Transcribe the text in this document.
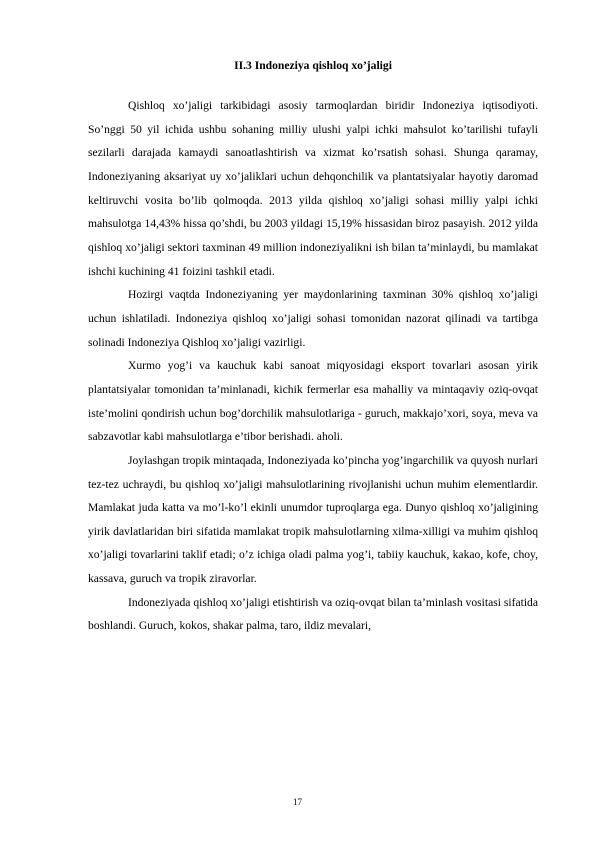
II.3 Indoneziya qishloq xo’jaligi

Qishloq xo’jaligi tarkibidagi asosiy tarmoqlardan biridir Indoneziya iqtisodiyoti. So’nggi 50 yil ichida ushbu sohaning milliy ulushi yalpi ichki mahsulot ko’tarilishi tufayli sezilarli darajada kamaydi sanoatlashtirish va xizmat ko’rsatish sohasi. Shunga qaramay, Indoneziyaning aksariyat uy xo’jaliklari uchun dehqonchilik va plantatsiyalar hayotiy daromad keltiruvchi vosita bo’lib qolmoqda. 2013 yilda qishloq xo’jaligi sohasi milliy yalpi ichki mahsulotga 14,43% hissa qo’shdi, bu 2003 yildagi 15,19% hissasidan biroz pasayish. 2012 yilda qishloq xo’jaligi sektori taxminan 49 million indoneziyalikni ish bilan ta’minlaydi, bu mamlakat ishchi kuchining 41 foizini tashkil etadi.

Hozirgi vaqtda Indoneziyaning yer maydonlarining taxminan 30% qishloq xo’jaligi uchun ishlatiladi. Indoneziya qishloq xo’jaligi sohasi tomonidan nazorat qilinadi va tartibga solinadi Indoneziya Qishloq xo’jaligi vazirligi.

Xurmo yog’i va kauchuk kabi sanoat miqyosidagi eksport tovarlari asosan yirik plantatsiyalar tomonidan ta’minlanadi, kichik fermerlar esa mahalliy va mintaqaviy oziq-ovqat iste’molini qondirish uchun bog’dorchilik mahsulotlariga - guruch, makkajo’xori, soya, meva va sabzavotlar kabi mahsulotlarga e’tibor berishadi. aholi.

Joylashgan tropik mintaqada, Indoneziyada ko’pincha yog’ingarchilik va quyosh nurlari tez-tez uchraydi, bu qishloq xo’jaligi mahsulotlarining rivojlanishi uchun muhim elementlardir. Mamlakat juda katta va mo’l-ko’l ekinli unumdor tuproqlarga ega. Dunyo qishloq xo’jaligining yirik davlatlaridan biri sifatida mamlakat tropik mahsulotlarning xilma-xilligi va muhim qishloq xo’jaligi tovarlarini taklif etadi; o’z ichiga oladi palma yog’i, tabiiy kauchuk, kakao, kofe, choy, kassava, guruch va tropik ziravorlar.

Indoneziyada qishloq xo’jaligi etishtirish va oziq-ovqat bilan ta’minlash vositasi sifatida boshlandi. Guruch, kokos, shakar palma, taro, ildiz mevalari,

17
